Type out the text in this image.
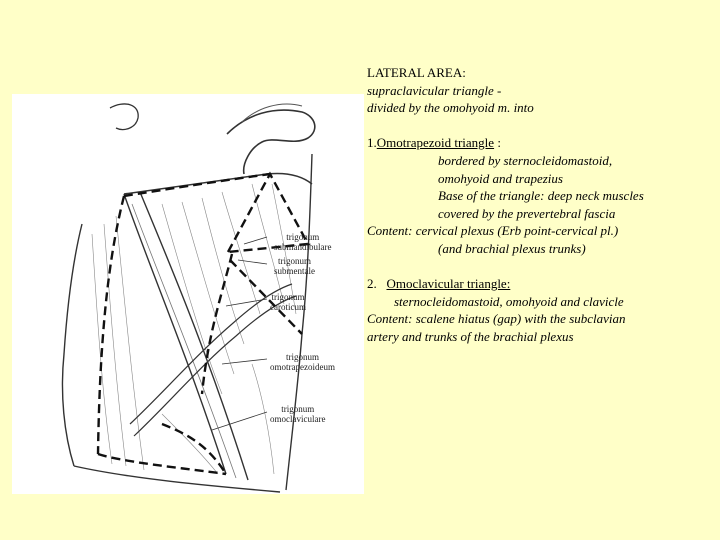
trigonum
submandibulare
trigonum
submentale
trigonum
caroticum
trigonum
omotrapezoideum
trigonum
omoclaviculare
LATERAL AREA:
supraclavicular triangle -
divided by the omohyoid m. into
1.Omotrapezoid triangle :
bordered by sternocleidomastoid,
omohyoid and trapezius
Base of the triangle: deep neck muscles
covered by the prevertebral fascia
Content: cervical plexus (Erb point-cervical pl.)
(and brachial plexus trunks)
2.   Omoclavicular triangle:
sternocleidomastoid, omohyoid and clavicle
Content: scalene hiatus (gap) with the subclavian
artery and trunks of the brachial plexus
